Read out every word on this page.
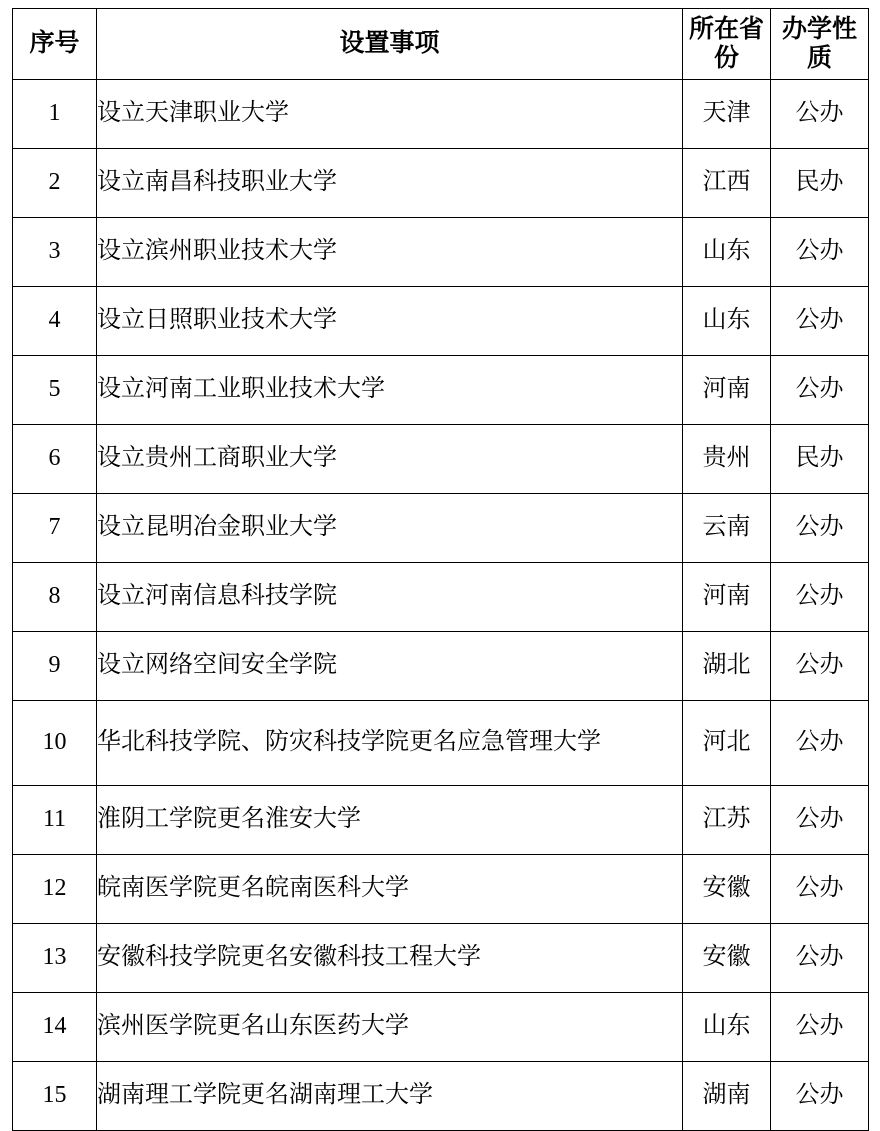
序号	设置事项	所在省份	办学性质
1	设立天津职业大学	天津	公办
2	设立南昌科技职业大学	江西	民办
3	设立滨州职业技术大学	山东	公办
4	设立日照职业技术大学	山东	公办
5	设立河南工业职业技术大学	河南	公办
6	设立贵州工商职业大学	贵州	民办
7	设立昆明冶金职业大学	云南	公办
8	设立河南信息科技学院	河南	公办
9	设立网络空间安全学院	湖北	公办
10	华北科技学院、防灾科技学院更名应急管理大学	河北	公办
11	淮阴工学院更名淮安大学	江苏	公办
12	皖南医学院更名皖南医科大学	安徽	公办
13	安徽科技学院更名安徽科技工程大学	安徽	公办
14	滨州医学院更名山东医药大学	山东	公办
15	湖南理工学院更名湖南理工大学	湖南	公办
